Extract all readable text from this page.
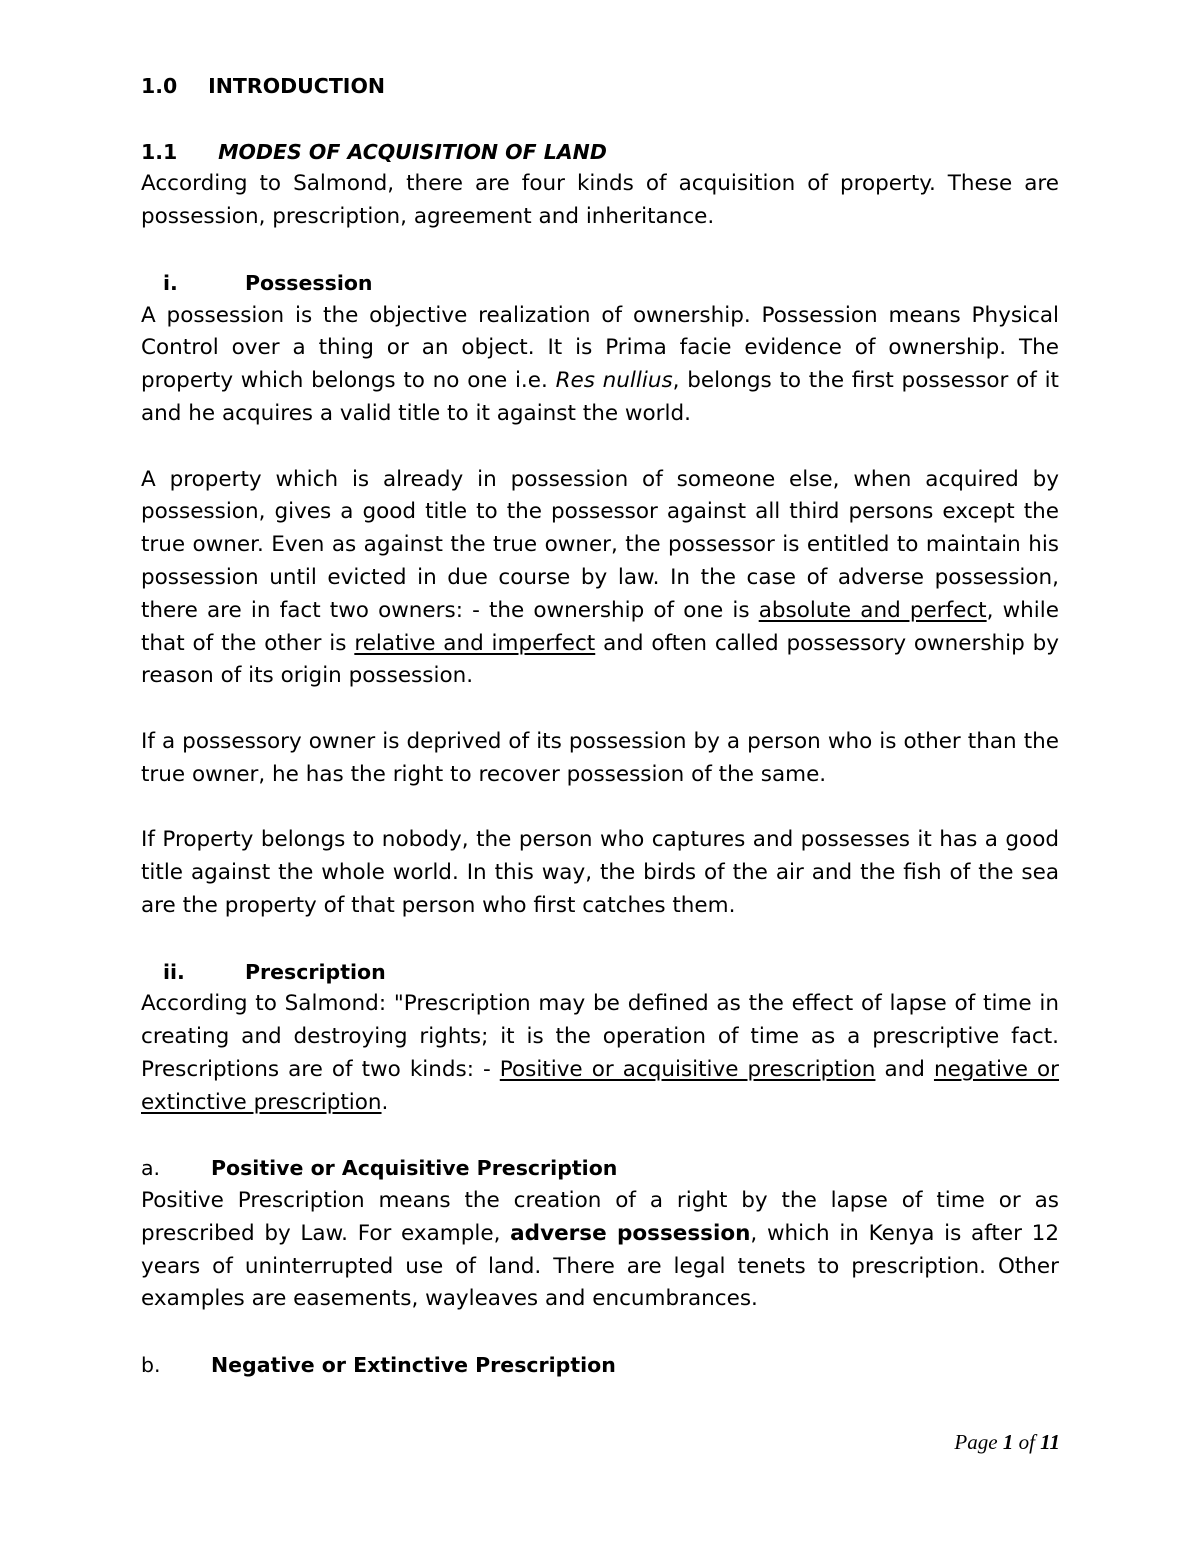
1.0 INTRODUCTION

1.1 MODES OF ACQUISITION OF LAND

According to Salmond, there are four kinds of acquisition of property. These are possession, prescription, agreement and inheritance.

i.	Possession

A possession is the objective realization of ownership. Possession means Physical Control over a thing or an object. It is Prima facie evidence of ownership. The property which belongs to no one i.e. Res nullius, belongs to the first possessor of it and he acquires a valid title to it against the world.

A property which is already in possession of someone else, when acquired by possession, gives a good title to the possessor against all third persons except the true owner. Even as against the true owner, the possessor is entitled to maintain his possession until evicted in due course by law. In the case of adverse possession, there are in fact two owners: - the ownership of one is absolute and perfect, while that of the other is relative and imperfect and often called possessory ownership by reason of its origin possession.

If a possessory owner is deprived of its possession by a person who is other than the true owner, he has the right to recover possession of the same.

If Property belongs to nobody, the person who captures and possesses it has a good title against the whole world. In this way, the birds of the air and the fish of the sea are the property of that person who first catches them.

ii.	Prescription

According to Salmond: "Prescription may be defined as the effect of lapse of time in creating and destroying rights; it is the operation of time as a prescriptive fact. Prescriptions are of two kinds: - Positive or acquisitive prescription and negative or extinctive prescription.

a.	Positive or Acquisitive Prescription

Positive Prescription means the creation of a right by the lapse of time or as prescribed by Law. For example, adverse possession, which in Kenya is after 12 years of uninterrupted use of land. There are legal tenets to prescription. Other examples are easements, wayleaves and encumbrances.

b.	Negative or Extinctive Prescription
Page 1 of 11
